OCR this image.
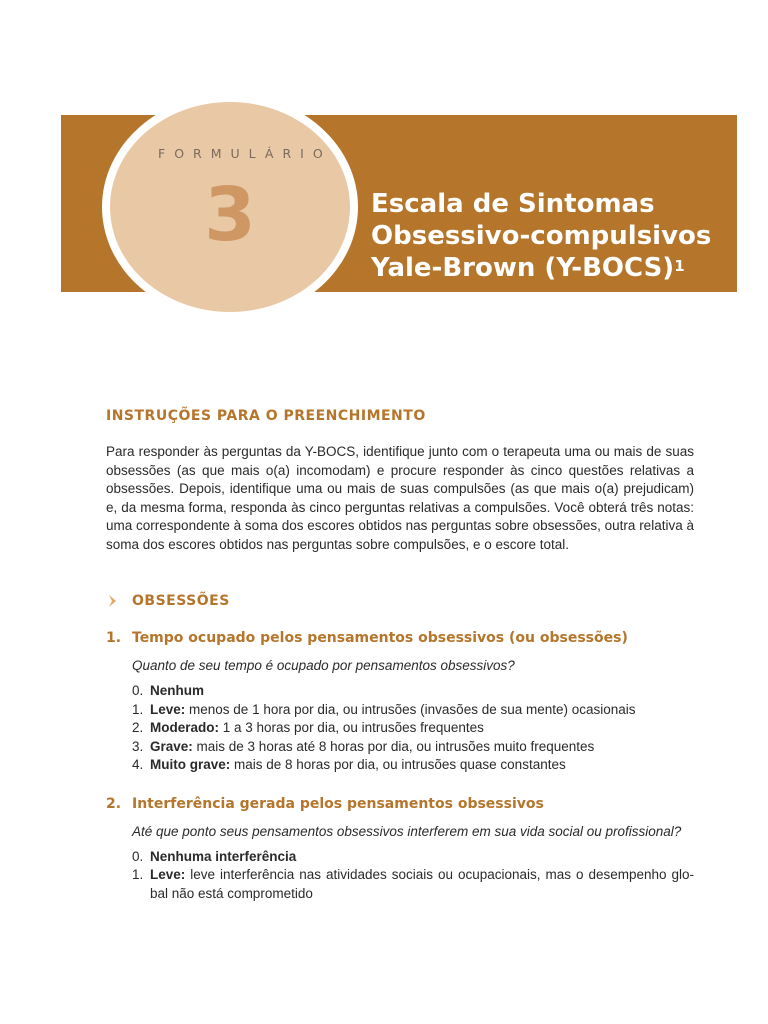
FORMULÁRIO
3	Escala de Sintomas
Obsessivo-compulsivos
Yale-Brown (Y-BOCS)$^1$
INSTRUÇÕES PARA O PREENCHIMENTO

Para responder às perguntas da Y-BOCS, identifique junto com o terapeuta uma ou mais de suas obsessões (as que mais o(a) incomodam) e procure responder às cinco questões relativas a obsessões. Depois, identifique uma ou mais de suas compulsões (as que mais o(a) prejudicam) e, da mesma forma, responda às cinco perguntas relativas a compulsões. Você obterá três notas: uma correspondente à soma dos escores obtidos nas perguntas sobre obsessões, outra relativa à soma dos escores obtidos nas perguntas sobre compulsões, e o escore total.

OBSESSÕES
1. Tempo ocupado pelos pensamentos obsessivos (ou obsessões)
Quanto de seu tempo é ocupado por pensamentos obsessivos?
0. Nenhum
1. Leve: menos de 1 hora por dia, ou intrusões (invasões de sua mente) ocasionais
2. Moderado: 1 a 3 horas por dia, ou intrusões frequentes
3. Grave: mais de 3 horas até 8 horas por dia, ou intrusões muito frequentes
4. Muito grave: mais de 8 horas por dia, ou intrusões quase constantes
2. Interferência gerada pelos pensamentos obsessivos
Até que ponto seus pensamentos obsessivos interferem em sua vida social ou profissional?
0. Nenhuma interferência
1. Leve: leve interferência nas atividades sociais ou ocupacionais, mas o desempenho glo-bal não está comprometido
